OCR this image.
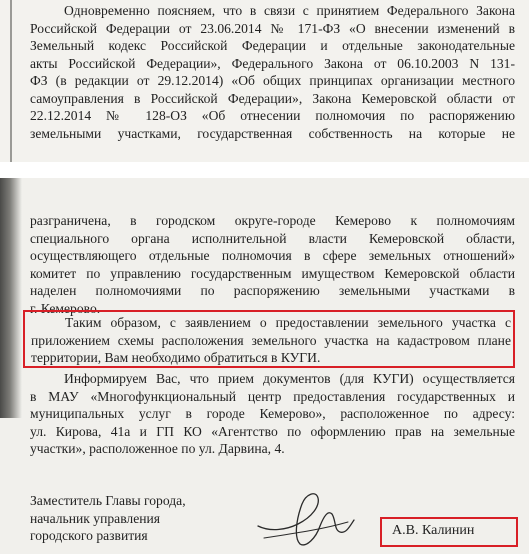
Одновременно поясняем, что в связи с принятием Федерального Закона
Российской Федерации от 23.06.2014 № 171-ФЗ «О внесении изменений в
Земельный кодекс Российской Федерации и отдельные законодательные
акты Российской Федерации», Федерального Закона от 06.10.2003 N 131-
ФЗ (в редакции от 29.12.2014) «Об общих принципах организации местного
самоуправления в Российской Федерации», Закона Кемеровской области от
22.12.2014 № 128-ОЗ «Об отнесении полномочия по распоряжению
земельными участками, государственная собственность на которые не
разграничена, в городском округе-городе Кемерово к полномочиям
специального органа исполнительной власти Кемеровской области,
осуществляющего отдельные полномочия в сфере земельных отношений»
комитет по управлению государственным имуществом Кемеровской области
наделен полномочиями по распоряжению земельными участками в
г. Кемерово.
Таким образом, с заявлением о предоставлении земельного участка с
приложением схемы расположения земельного участка на кадастровом плане
территории, Вам необходимо обратиться в КУГИ.
Информируем Вас, что прием документов (для КУГИ) осуществляется
в МАУ «Многофункциональный центр предоставления государственных и
муниципальных услуг в городе Кемерово», расположенное по адресу:
ул. Кирова, 41а и ГП КО «Агентство по оформлению прав на земельные
участки», расположенное по ул. Дарвина, 4.
Заместитель Главы города,
начальник управления
городского развития	А.В. Калинин
